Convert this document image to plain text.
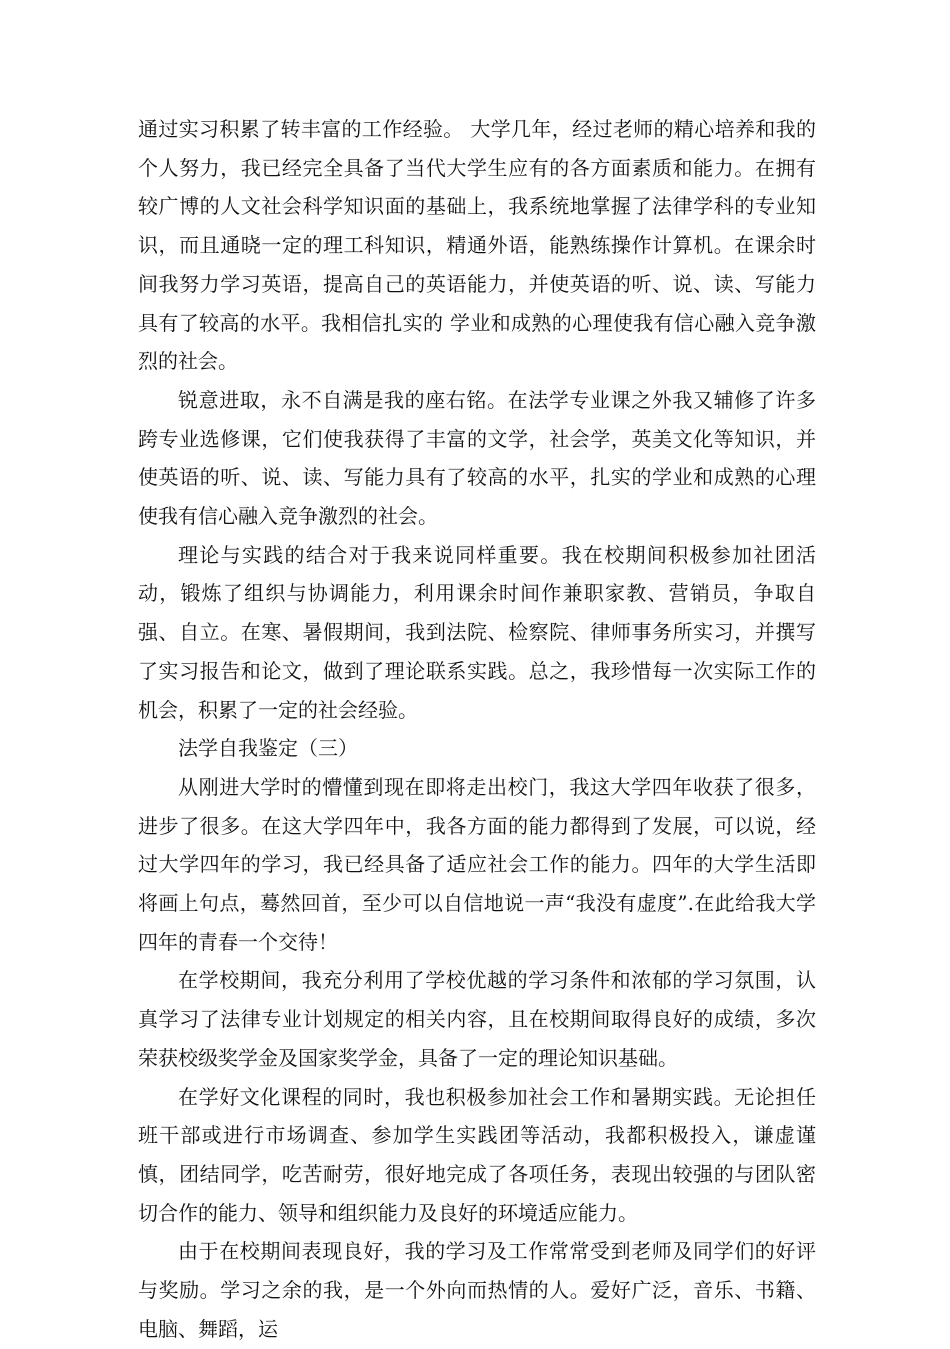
通过实习积累了转丰富的工作经验。 大学几年，经过老师的精心培养和我的个人努力，我已经完全具备了当代大学生应有的各方面素质和能力。在拥有较广博的人文社会科学知识面的基础上，我系统地掌握了法律学科的专业知识，而且通晓一定的理工科知识，精通外语，能熟练操作计算机。在课余时间我努力学习英语，提高自己的英语能力，并使英语的听、说、读、写能力具有了较高的水平。我相信扎实的 学业和成熟的心理使我有信心融入竞争激烈的社会。

锐意进取，永不自满是我的座右铭。在法学专业课之外我又辅修了许多跨专业选修课，它们使我获得了丰富的文学，社会学，英美文化等知识，并使英语的听、说、读、写能力具有了较高的水平，扎实的学业和成熟的心理使我有信心融入竞争激烈的社会。

理论与实践的结合对于我来说同样重要。我在校期间积极参加社团活动，锻炼了组织与协调能力，利用课余时间作兼职家教、营销员，争取自强、自立。在寒、暑假期间，我到法院、检察院、律师事务所实习，并撰写了实习报告和论文，做到了理论联系实践。总之，我珍惜每一次实际工作的机会，积累了一定的社会经验。

法学自我鉴定（三）

从刚进大学时的懵懂到现在即将走出校门，我这大学四年收获了很多，进步了很多。在这大学四年中，我各方面的能力都得到了发展，可以说，经过大学四年的学习，我已经具备了适应社会工作的能力。四年的大学生活即将画上句点，蓦然回首，至少可以自信地说一声“我没有虚度”.在此给我大学四年的青春一个交待！

在学校期间，我充分利用了学校优越的学习条件和浓郁的学习氛围，认真学习了法律专业计划规定的相关内容，且在校期间取得良好的成绩，多次荣获校级奖学金及国家奖学金，具备了一定的理论知识基础。

在学好文化课程的同时，我也积极参加社会工作和暑期实践。无论担任班干部或进行市场调查、参加学生实践团等活动，我都积极投入，谦虚谨慎，团结同学，吃苦耐劳，很好地完成了各项任务，表现出较强的与团队密切合作的能力、领导和组织能力及良好的环境适应能力。

由于在校期间表现良好，我的学习及工作常常受到老师及同学们的好评与奖励。学习之余的我，是一个外向而热情的人。爱好广泛，音乐、书籍、电脑、舞蹈，运
